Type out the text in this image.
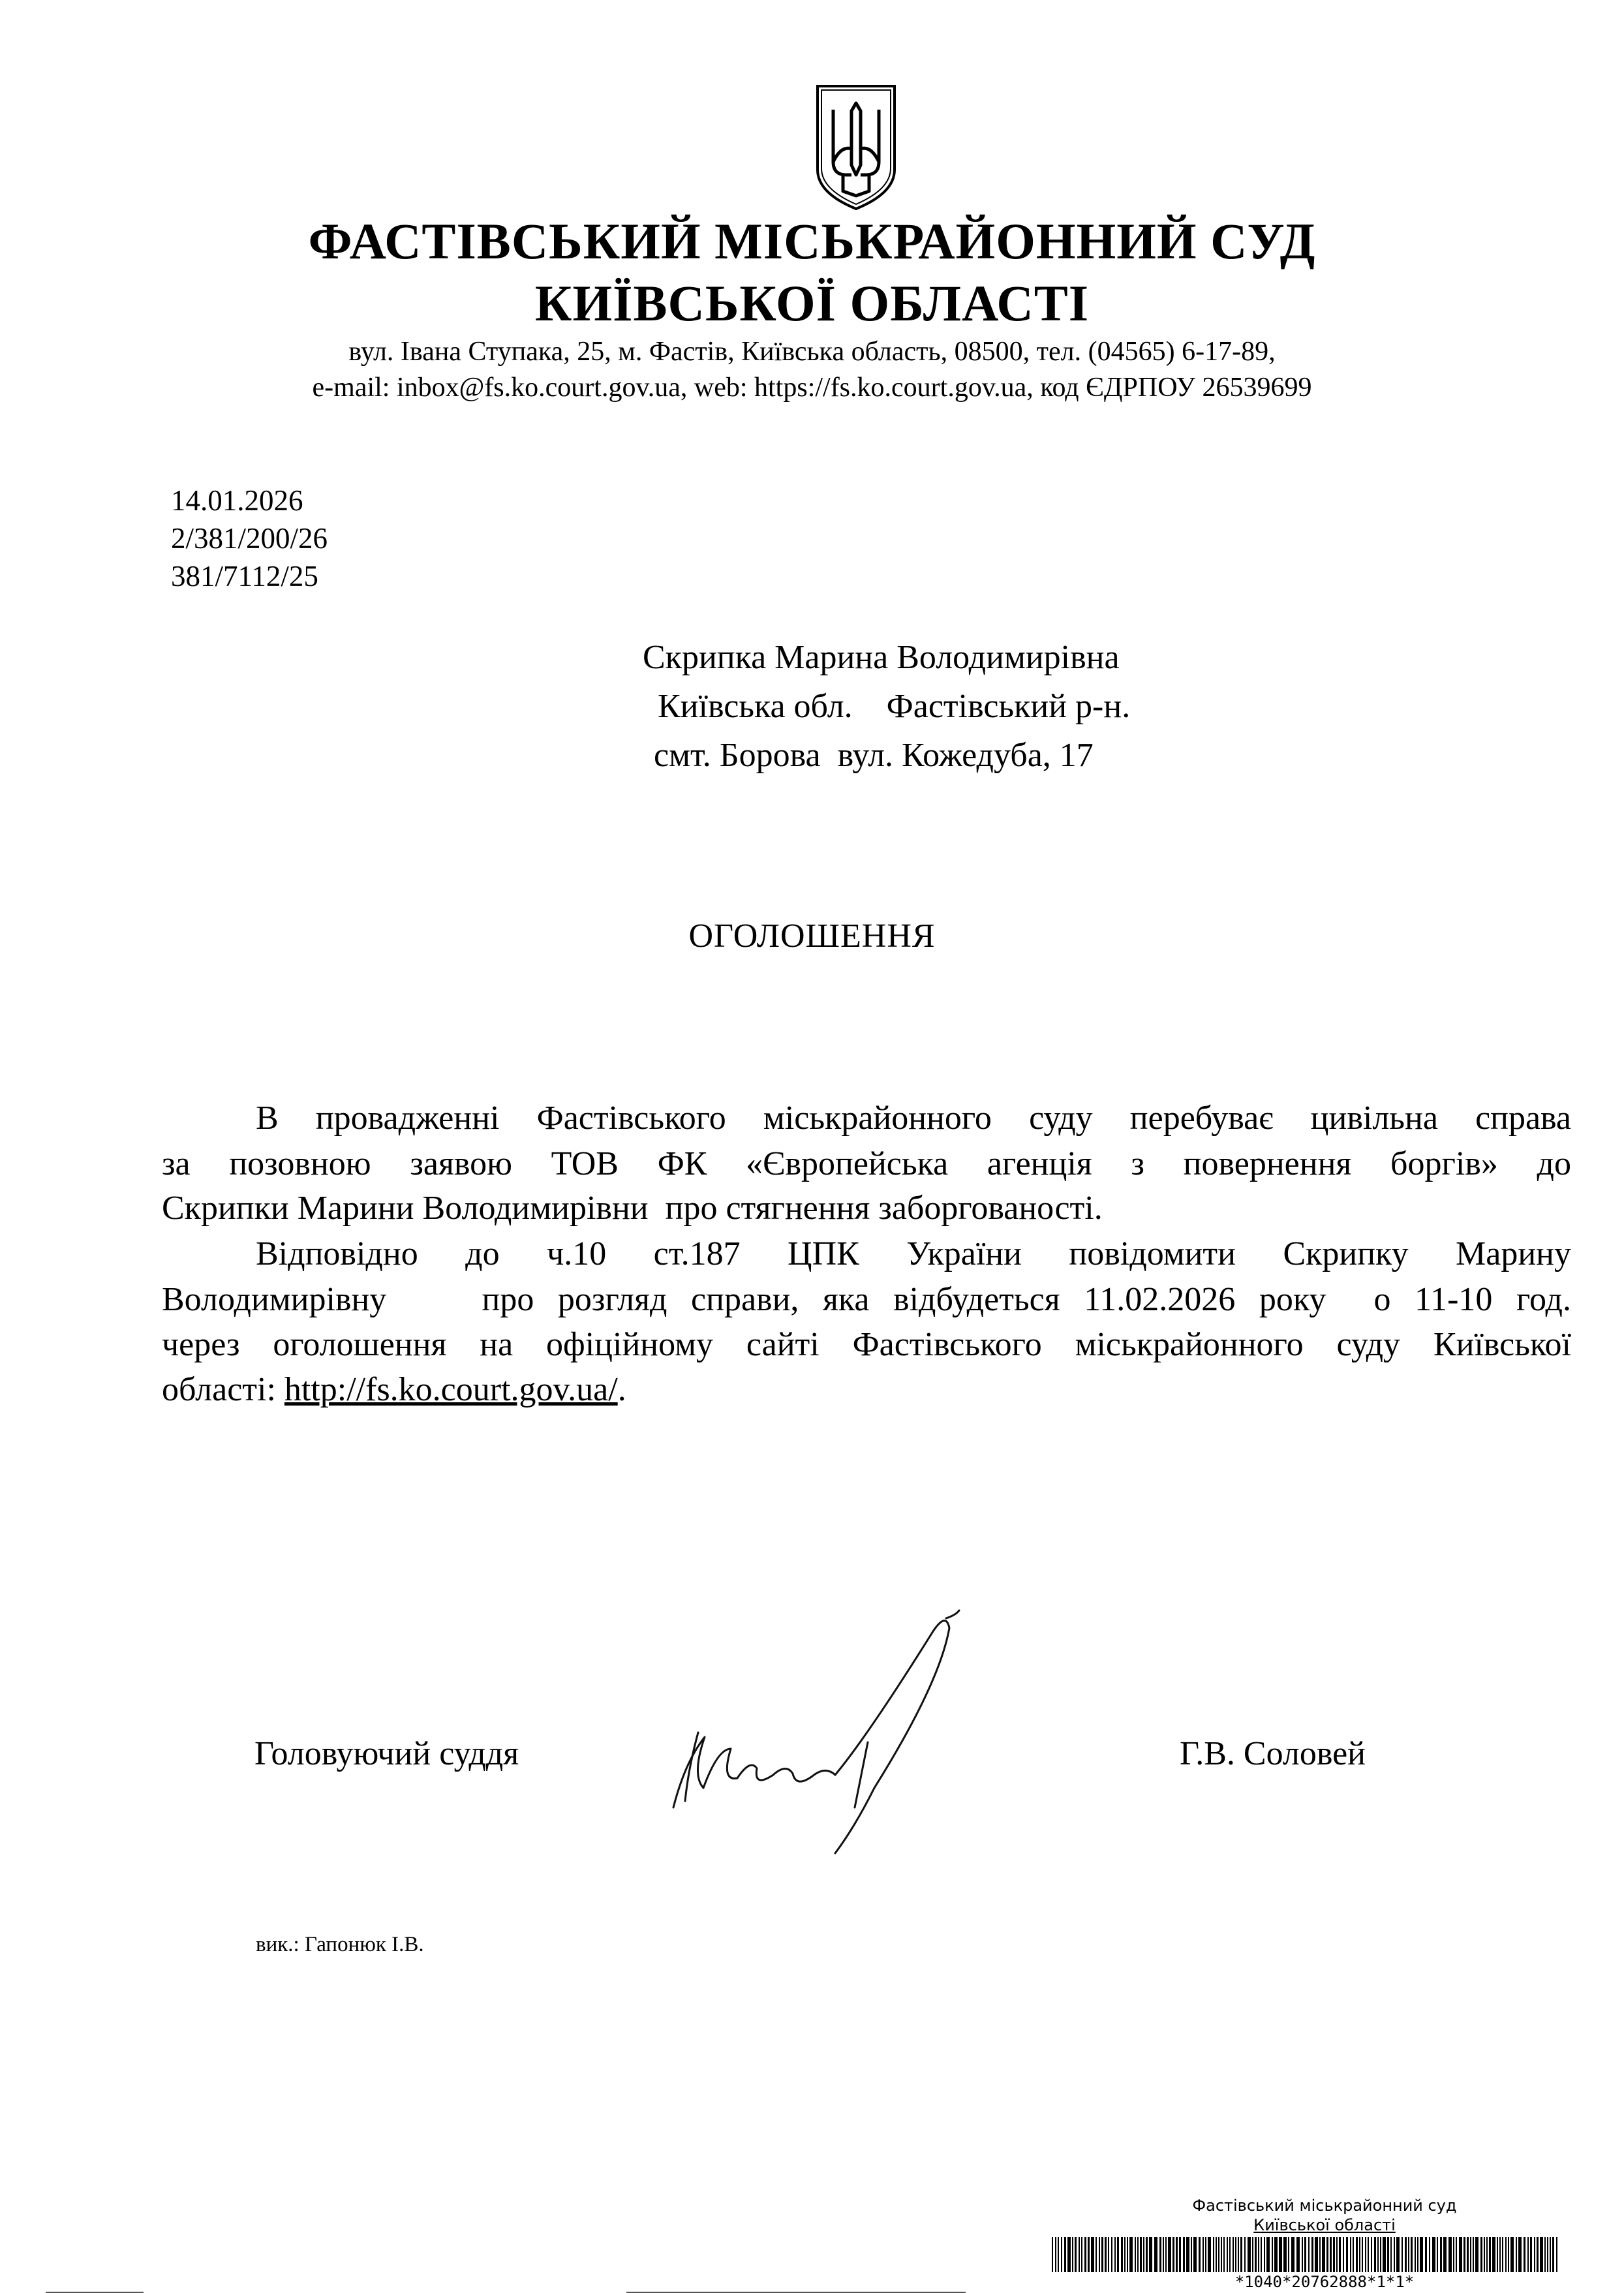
ФАСТІВСЬКИЙ МІСЬКРАЙОННИЙ СУД
КИЇВСЬКОЇ ОБЛАСТІ
вул. Івана Ступака, 25, м. Фастів, Київська область, 08500, тел. (04565) 6-17-89,
e-mail: inbox@fs.ko.court.gov.ua, web: https://fs.ko.court.gov.ua, код ЄДРПОУ 26539699
14.01.2026
2/381/200/26
381/7112/25
Скрипка Марина Володимирівна
Київська обл.    Фастівський р-н.
смт. Борова  вул. Кожедуба, 17
ОГОЛОШЕННЯ
В провадженні Фастівського міськрайонного суду перебуває цивільна справа
за позовною заявою ТОВ ФК «Європейська агенція з повернення боргів» до
Скрипки Марини Володимирівни  про стягнення заборгованості.
Відповідно до ч.10 ст.187 ЦПК України повідомити Скрипку Марину
Володимирівну    про розгляд справи, яка відбудеться 11.02.2026 року  о 11-10 год.
через оголошення на офіційному сайті Фастівського міськрайонного суду Київської
області: http://fs.ko.court.gov.ua/.
Головуючий суддя	Г.В. Соловей
вик.: Гапонюк І.В.
Фастівський міськрайонний суд
Київської області
*1040*20762888*1*1*
